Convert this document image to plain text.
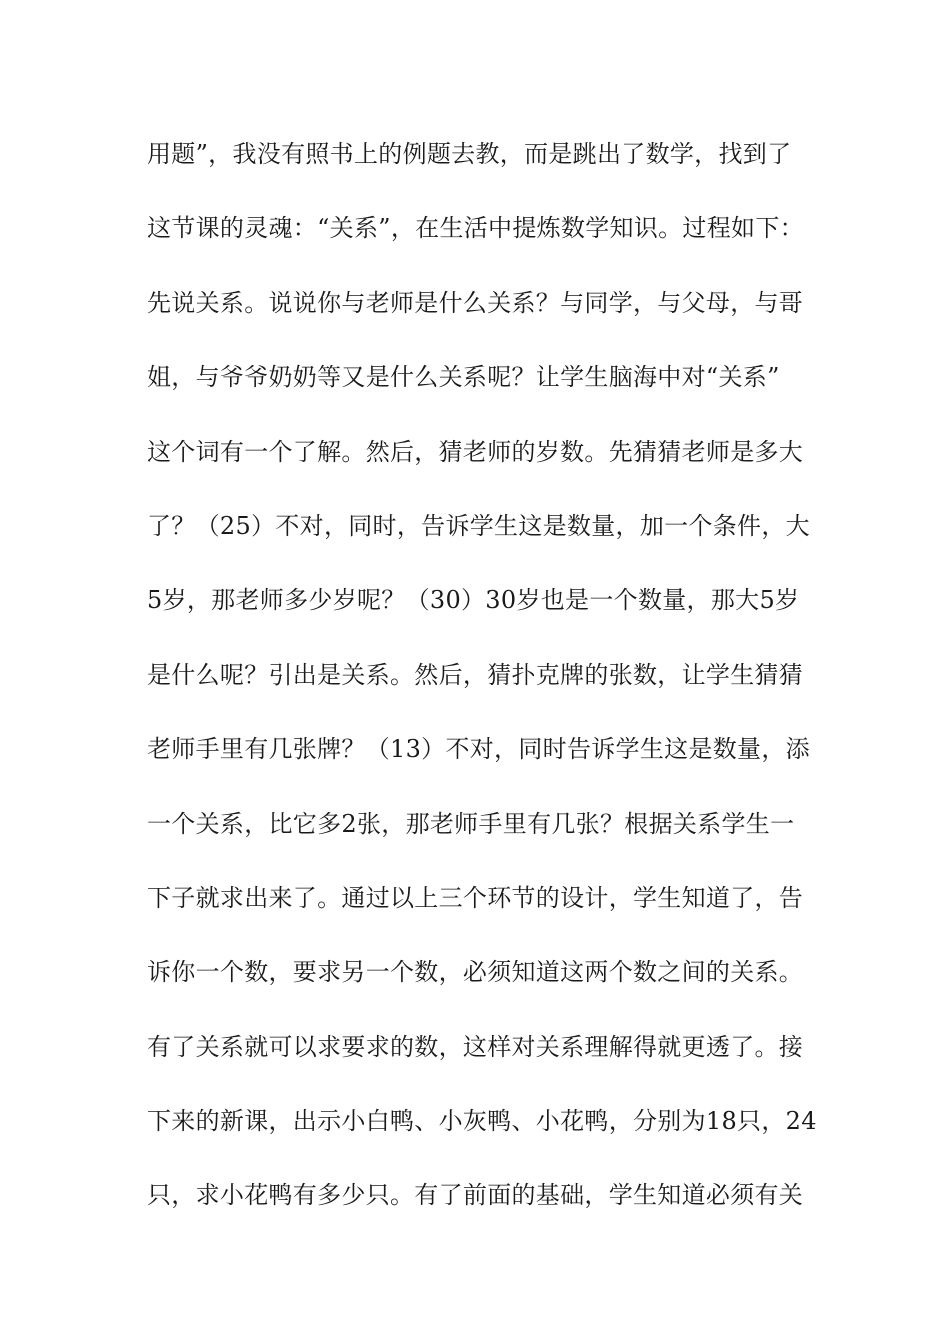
用题”，我没有照书上的例题去教，而是跳出了数学，找到了
这节课的灵魂：“关系”，在生活中提炼数学知识。过程如下：
先说关系。说说你与老师是什么关系？与同学，与父母，与哥
姐，与爷爷奶奶等又是什么关系呢？让学生脑海中对“关系”
这个词有一个了解。然后，猜老师的岁数。先猜猜老师是多大
了？（25）不对，同时，告诉学生这是数量，加一个条件，大
5岁，那老师多少岁呢？（30）30岁也是一个数量，那大5岁
是什么呢？引出是关系。然后，猜扑克牌的张数，让学生猜猜
老师手里有几张牌？（13）不对，同时告诉学生这是数量，添
一个关系，比它多2张，那老师手里有几张？根据关系学生一
下子就求出来了。通过以上三个环节的设计，学生知道了，告
诉你一个数，要求另一个数，必须知道这两个数之间的关系。
有了关系就可以求要求的数，这样对关系理解得就更透了。接
下来的新课，出示小白鸭、小灰鸭、小花鸭，分别为18只，24
只，求小花鸭有多少只。有了前面的基础，学生知道必须有关
